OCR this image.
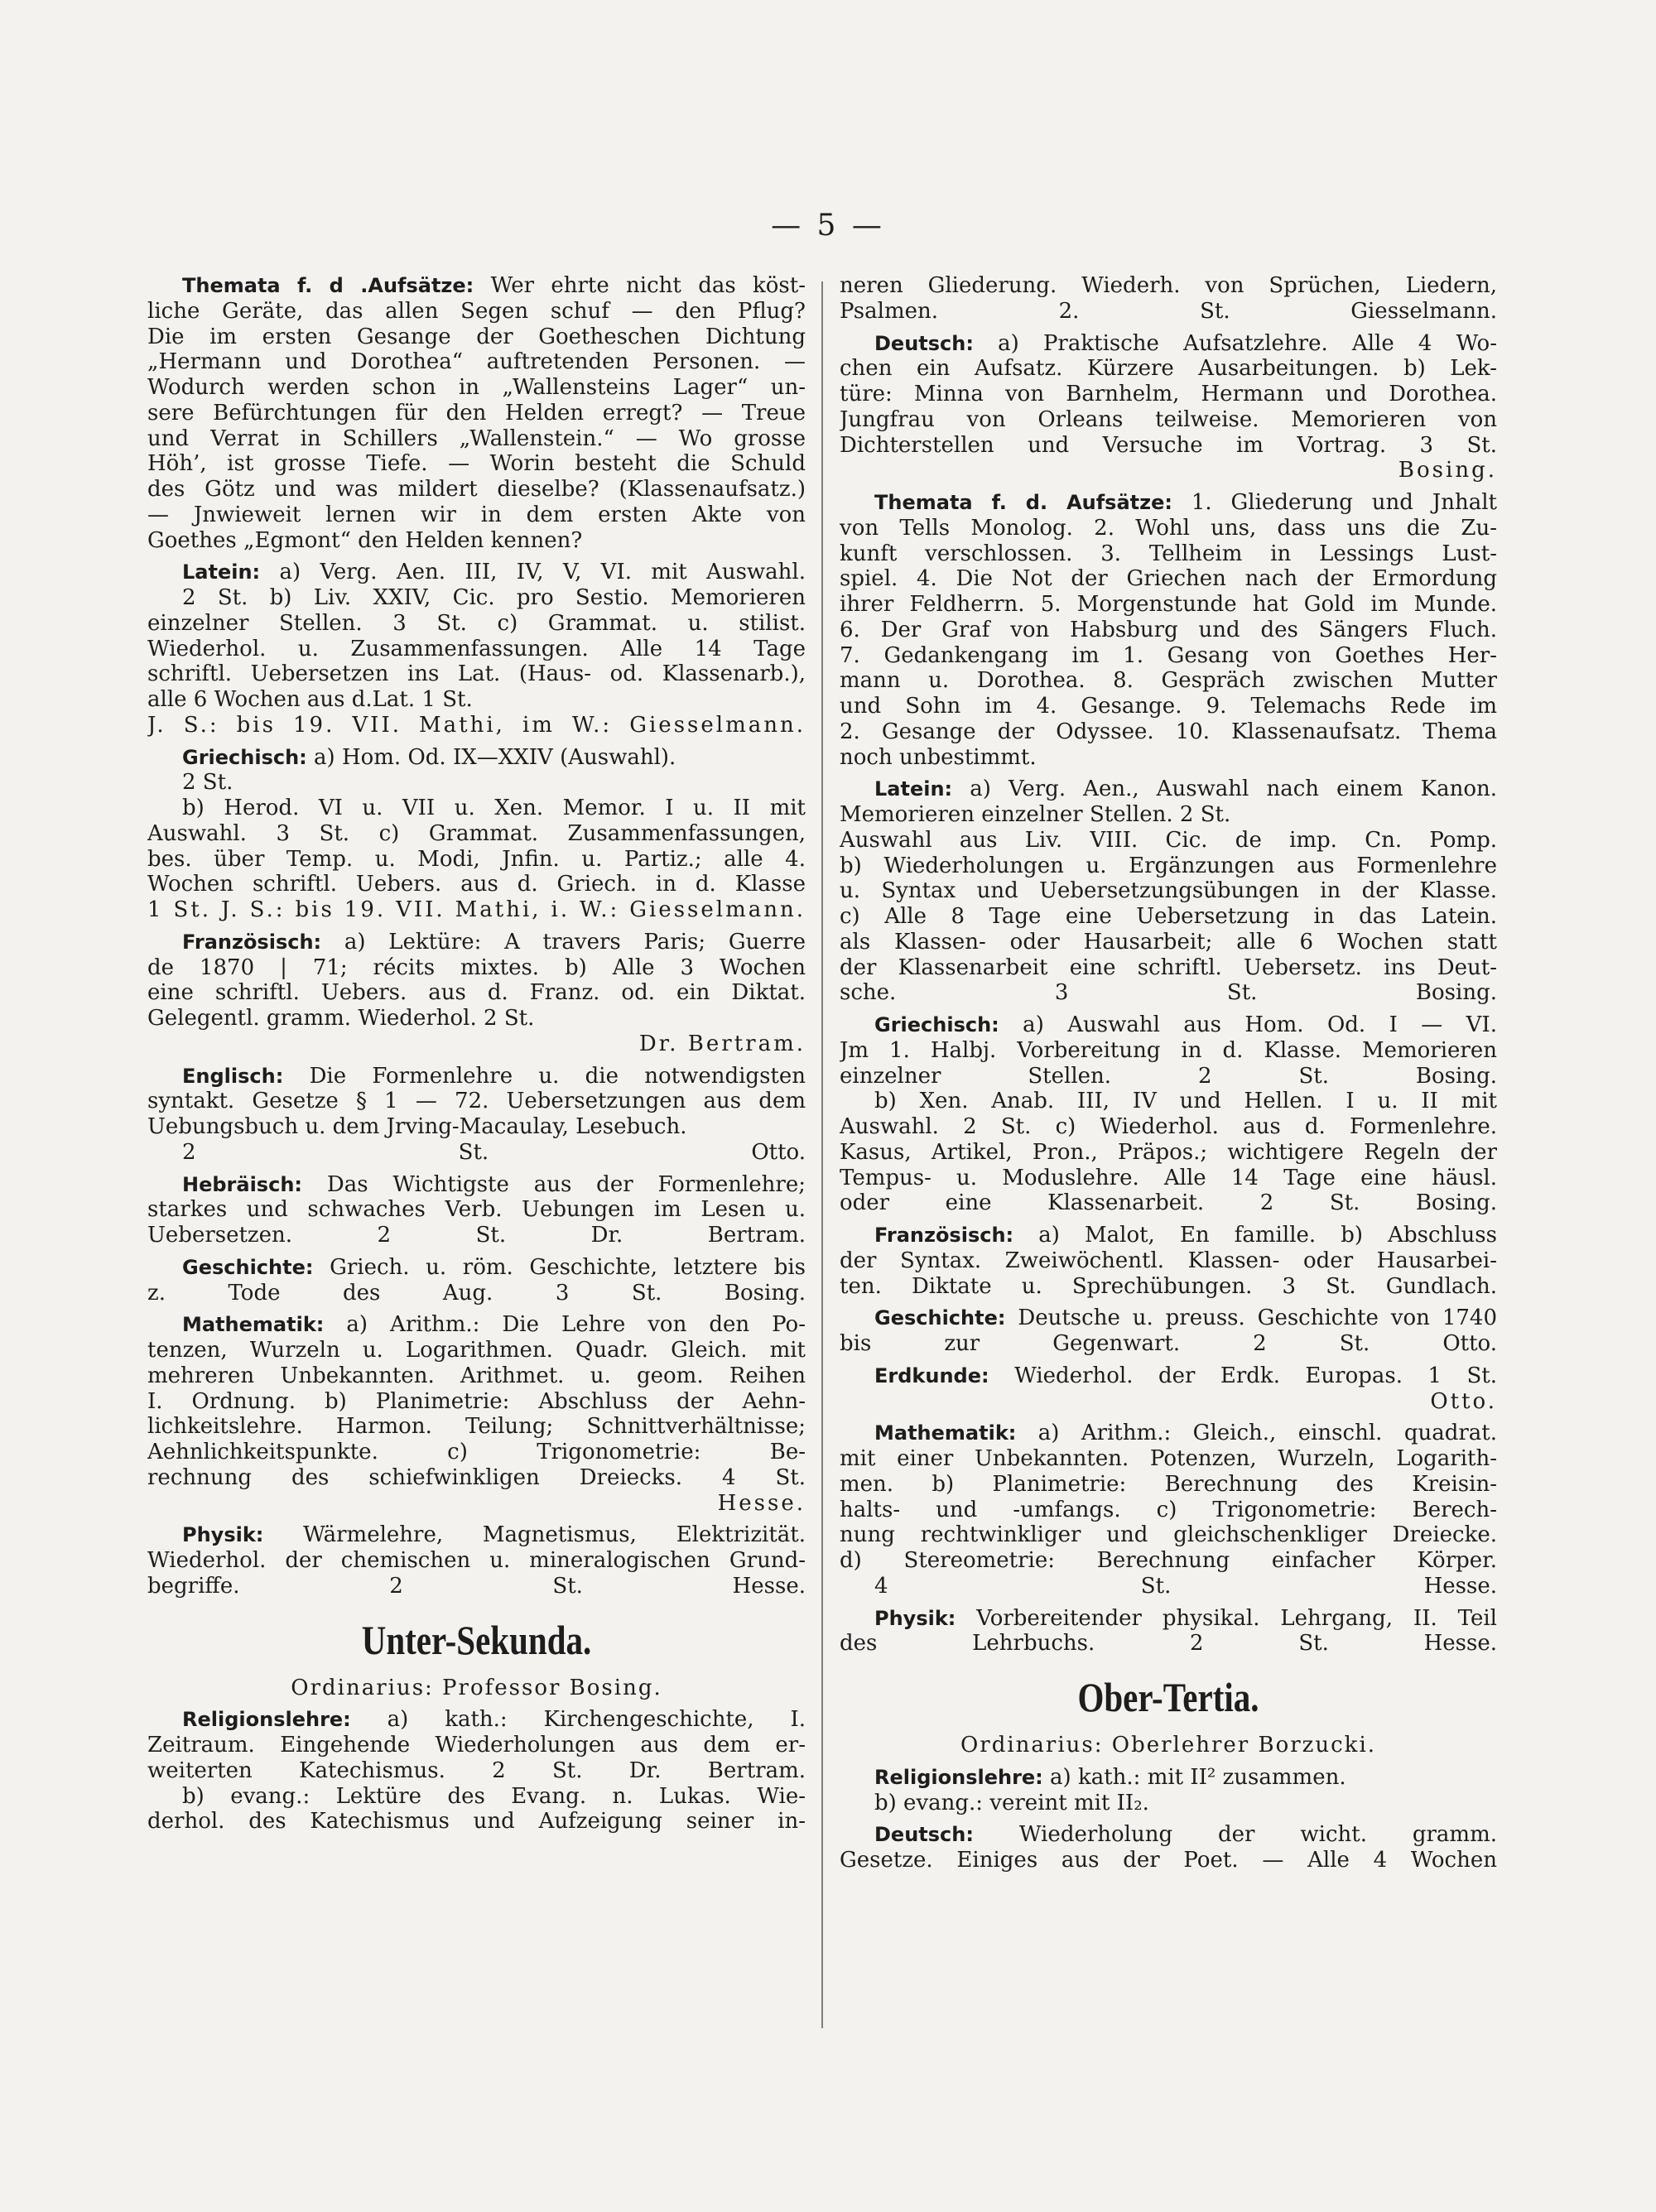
— 5 —
Themata f. d .Aufsätze: Wer ehrte nicht das köst-
liche Geräte, das allen Segen schuf — den Pflug?
Die im ersten Gesange der Goetheschen Dichtung
„Hermann und Dorothea“ auftretenden Personen. —
Wodurch werden schon in „Wallensteins Lager“ un-
sere Befürchtungen für den Helden erregt? — Treue
und Verrat in Schillers „Wallenstein.“ — Wo grosse
Höh’, ist grosse Tiefe. — Worin besteht die Schuld
des Götz und was mildert dieselbe? (Klassenaufsatz.)
— Jnwieweit lernen wir in dem ersten Akte von
Goethes „Egmont“ den Helden kennen?
Latein: a) Verg. Aen. III, IV, V, VI. mit Auswahl.
2 St. b) Liv. XXIV, Cic. pro Sestio. Memorieren
einzelner Stellen. 3 St. c) Grammat. u. stilist.
Wiederhol. u. Zusammenfassungen. Alle 14 Tage
schriftl. Uebersetzen ins Lat. (Haus- od. Klassenarb.),
alle 6 Wochen aus d.Lat. 1 St.
J. S.: bis 19. VII. Mathi, im W.: Giesselmann.
Griechisch: a) Hom. Od. IX—XXIV (Auswahl).
2 St.
b) Herod. VI u. VII u. Xen. Memor. I u. II mit
Auswahl. 3 St. c) Grammat. Zusammenfassungen,
bes. über Temp. u. Modi, Jnfin. u. Partiz.; alle 4.
Wochen schriftl. Uebers. aus d. Griech. in d. Klasse
1 St. J. S.: bis 19. VII. Mathi, i. W.: Giesselmann.
Französisch: a) Lektüre: A travers Paris; Guerre
de 1870 | 71; récits mixtes. b) Alle 3 Wochen
eine schriftl. Uebers. aus d. Franz. od. ein Diktat.
Gelegentl. gramm. Wiederhol. 2 St.
Dr. Bertram.
Englisch: Die Formenlehre u. die notwendigsten
syntakt. Gesetze § 1 — 72. Uebersetzungen aus dem
Uebungsbuch u. dem Jrving-Macaulay, Lesebuch.
2 St. Otto.
Hebräisch: Das Wichtigste aus der Formenlehre;
starkes und schwaches Verb. Uebungen im Lesen u.
Uebersetzen. 2 St. Dr. Bertram.
Geschichte: Griech. u. röm. Geschichte, letztere bis
z. Tode des Aug. 3 St. Bosing.
Mathematik: a) Arithm.: Die Lehre von den Po-
tenzen, Wurzeln u. Logarithmen. Quadr. Gleich. mit
mehreren Unbekannten. Arithmet. u. geom. Reihen
I. Ordnung. b) Planimetrie: Abschluss der Aehn-
lichkeitslehre. Harmon. Teilung; Schnittverhältnisse;
Aehnlichkeitspunkte. c) Trigonometrie: Be-
rechnung des schiefwinkligen Dreiecks. 4 St.
Hesse.
Physik: Wärmelehre, Magnetismus, Elektrizität.
Wiederhol. der chemischen u. mineralogischen Grund-
begriffe. 2 St. Hesse.
Unter-Sekunda.
Ordinarius: Professor Bosing.
Religionslehre: a) kath.: Kirchengeschichte, I.
Zeitraum. Eingehende Wiederholungen aus dem er-
weiterten Katechismus. 2 St. Dr. Bertram.
b) evang.: Lektüre des Evang. n. Lukas. Wie-
derhol. des Katechismus und Aufzeigung seiner in-
neren Gliederung. Wiederh. von Sprüchen, Liedern,
Psalmen. 2. St. Giesselmann.
Deutsch: a) Praktische Aufsatzlehre. Alle 4 Wo-
chen ein Aufsatz. Kürzere Ausarbeitungen. b) Lek-
türe: Minna von Barnhelm, Hermann und Dorothea.
Jungfrau von Orleans teilweise. Memorieren von
Dichterstellen und Versuche im Vortrag. 3 St.
Bosing.
Themata f. d. Aufsätze: 1. Gliederung und Jnhalt
von Tells Monolog. 2. Wohl uns, dass uns die Zu-
kunft verschlossen. 3. Tellheim in Lessings Lust-
spiel. 4. Die Not der Griechen nach der Ermordung
ihrer Feldherrn. 5. Morgenstunde hat Gold im Munde.
6. Der Graf von Habsburg und des Sängers Fluch.
7. Gedankengang im 1. Gesang von Goethes Her-
mann u. Dorothea. 8. Gespräch zwischen Mutter
und Sohn im 4. Gesange. 9. Telemachs Rede im
2. Gesange der Odyssee. 10. Klassenaufsatz. Thema
noch unbestimmt.
Latein: a) Verg. Aen., Auswahl nach einem Kanon.
Memorieren einzelner Stellen. 2 St.
Auswahl aus Liv. VIII. Cic. de imp. Cn. Pomp.
b) Wiederholungen u. Ergänzungen aus Formenlehre
u. Syntax und Uebersetzungsübungen in der Klasse.
c) Alle 8 Tage eine Uebersetzung in das Latein.
als Klassen- oder Hausarbeit; alle 6 Wochen statt
der Klassenarbeit eine schriftl. Uebersetz. ins Deut-
sche. 3 St. Bosing.
Griechisch: a) Auswahl aus Hom. Od. I — VI.
Jm 1. Halbj. Vorbereitung in d. Klasse. Memorieren
einzelner Stellen. 2 St. Bosing.
b) Xen. Anab. III, IV und Hellen. I u. II mit
Auswahl. 2 St. c) Wiederhol. aus d. Formenlehre.
Kasus, Artikel, Pron., Präpos.; wichtigere Regeln der
Tempus- u. Moduslehre. Alle 14 Tage eine häusl.
oder eine Klassenarbeit. 2 St. Bosing.
Französisch: a) Malot, En famille. b) Abschluss
der Syntax. Zweiwöchentl. Klassen- oder Hausarbei-
ten. Diktate u. Sprechübungen. 3 St. Gundlach.
Geschichte: Deutsche u. preuss. Geschichte von 1740
bis zur Gegenwart. 2 St. Otto.
Erdkunde: Wiederhol. der Erdk. Europas. 1 St.
Otto.
Mathematik: a) Arithm.: Gleich., einschl. quadrat.
mit einer Unbekannten. Potenzen, Wurzeln, Logarith-
men. b) Planimetrie: Berechnung des Kreisin-
halts- und -umfangs. c) Trigonometrie: Berech-
nung rechtwinkliger und gleichschenkliger Dreiecke.
d) Stereometrie: Berechnung einfacher Körper.
4 St. Hesse.
Physik: Vorbereitender physikal. Lehrgang, II. Teil
des Lehrbuchs. 2 St. Hesse.
Ober-Tertia.
Ordinarius: Oberlehrer Borzucki.
Religionslehre: a) kath.: mit II² zusammen.
b) evang.: vereint mit II₂.
Deutsch: Wiederholung der wicht. gramm.
Gesetze. Einiges aus der Poet. — Alle 4 Wochen
